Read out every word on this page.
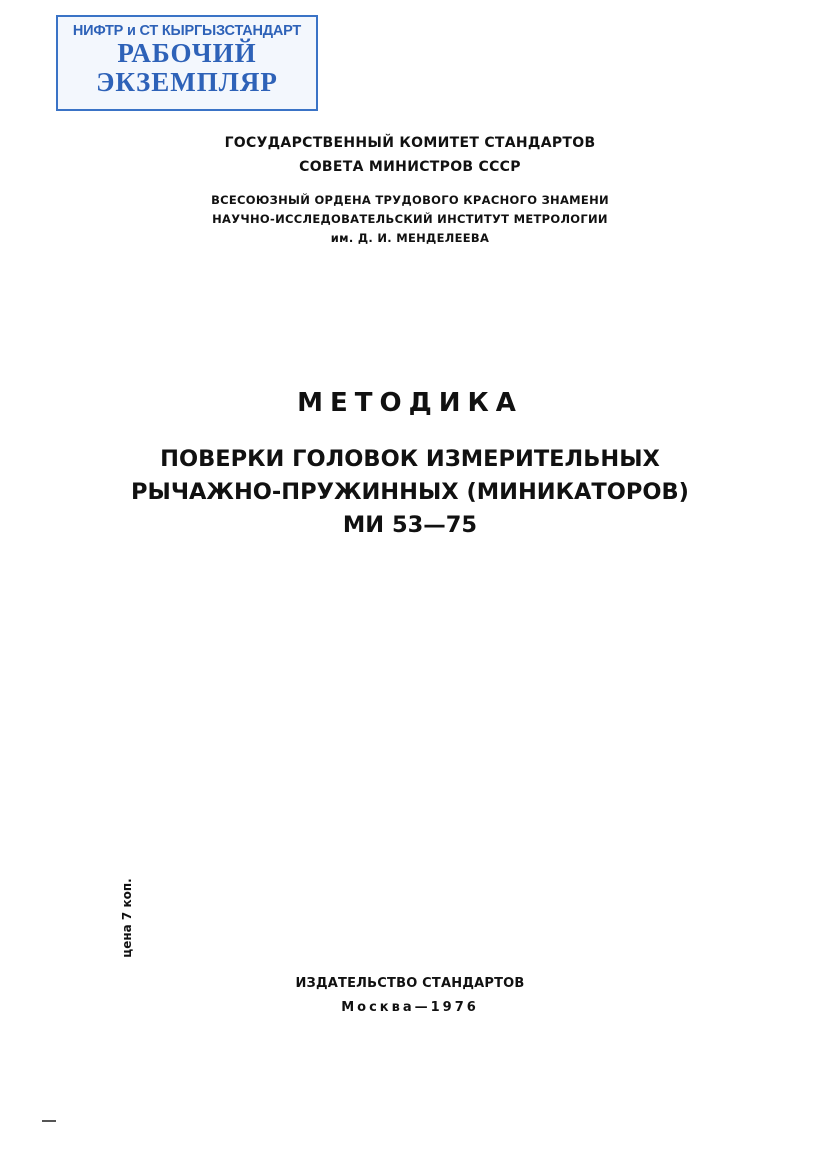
НИФТР и СТ КЫРГЫЗСТАНДАРТ
РАБОЧИЙ
ЭКЗЕМПЛЯР
ГОСУДАРСТВЕННЫЙ КОМИТЕТ СТАНДАРТОВ
СОВЕТА МИНИСТРОВ СССР
ВСЕСОЮЗНЫЙ ОРДЕНА ТРУДОВОГО КРАСНОГО ЗНАМЕНИ
НАУЧНО-ИССЛЕДОВАТЕЛЬСКИЙ ИНСТИТУТ МЕТРОЛОГИИ
им. Д. И. МЕНДЕЛЕЕВА
МЕТОДИКА
ПОВЕРКИ ГОЛОВОК ИЗМЕРИТЕЛЬНЫХ
РЫЧАЖНО-ПРУЖИННЫХ (МИНИКАТОРОВ)
МИ 53—75
цена 7 коп.
ИЗДАТЕЛЬСТВО СТАНДАРТОВ
Москва—1976
